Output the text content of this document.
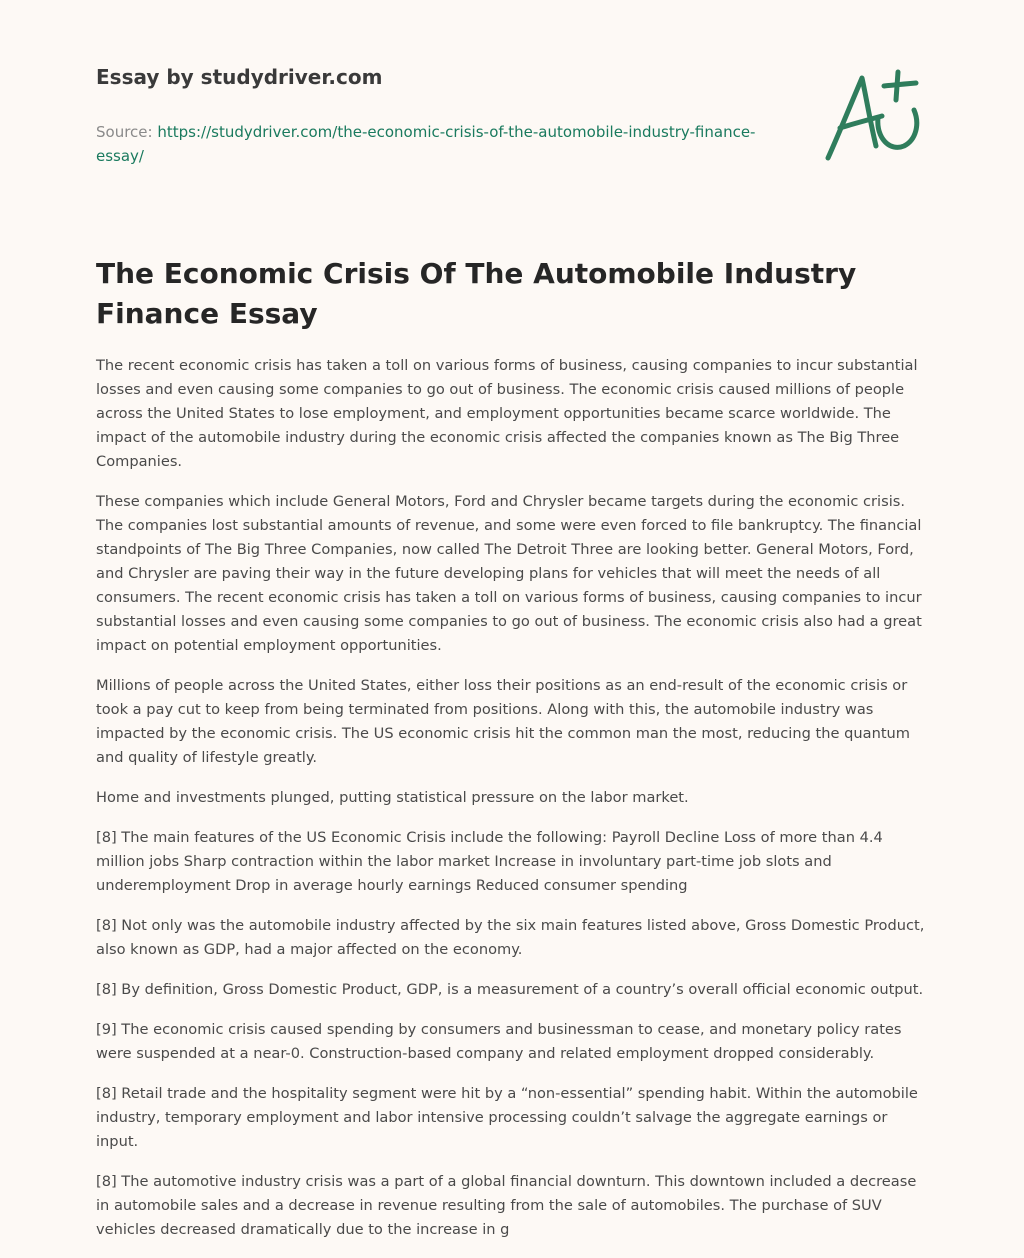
Essay by studydriver.com
Source: https://studydriver.com/the-economic-crisis-of-the-automobile-industry-finance-essay/
The Economic Crisis Of The Automobile Industry Finance Essay

The recent economic crisis has taken a toll on various forms of business, causing companies to incur substantial losses and even causing some companies to go out of business. The economic crisis caused millions of people across the United States to lose employment, and employment opportunities became scarce worldwide. The impact of the automobile industry during the economic crisis affected the companies known as The Big Three Companies.

These companies which include General Motors, Ford and Chrysler became targets during the economic crisis. The companies lost substantial amounts of revenue, and some were even forced to file bankruptcy. The financial standpoints of The Big Three Companies, now called The Detroit Three are looking better. General Motors, Ford, and Chrysler are paving their way in the future developing plans for vehicles that will meet the needs of all consumers. The recent economic crisis has taken a toll on various forms of business, causing companies to incur substantial losses and even causing some companies to go out of business. The economic crisis also had a great impact on potential employment opportunities.

Millions of people across the United States, either loss their positions as an end-result of the economic crisis or took a pay cut to keep from being terminated from positions. Along with this, the automobile industry was impacted by the economic crisis. The US economic crisis hit the common man the most, reducing the quantum and quality of lifestyle greatly.

Home and investments plunged, putting statistical pressure on the labor market.

[8] The main features of the US Economic Crisis include the following: Payroll Decline Loss of more than 4.4 million jobs Sharp contraction within the labor market Increase in involuntary part-time job slots and underemployment Drop in average hourly earnings Reduced consumer spending

[8] Not only was the automobile industry affected by the six main features listed above, Gross Domestic Product, also known as GDP, had a major affected on the economy.

[8] By definition, Gross Domestic Product, GDP, is a measurement of a country’s overall official economic output.

[9] The economic crisis caused spending by consumers and businessman to cease, and monetary policy rates were suspended at a near-0. Construction-based company and related employment dropped considerably.

[8] Retail trade and the hospitality segment were hit by a “non-essential” spending habit. Within the automobile industry, temporary employment and labor intensive processing couldn’t salvage the aggregate earnings or input.

[8] The automotive industry crisis was a part of a global financial downturn. This downtown included a decrease in automobile sales and a decrease in revenue resulting from the sale of automobiles. The purchase of SUV vehicles decreased dramatically due to the increase in g
